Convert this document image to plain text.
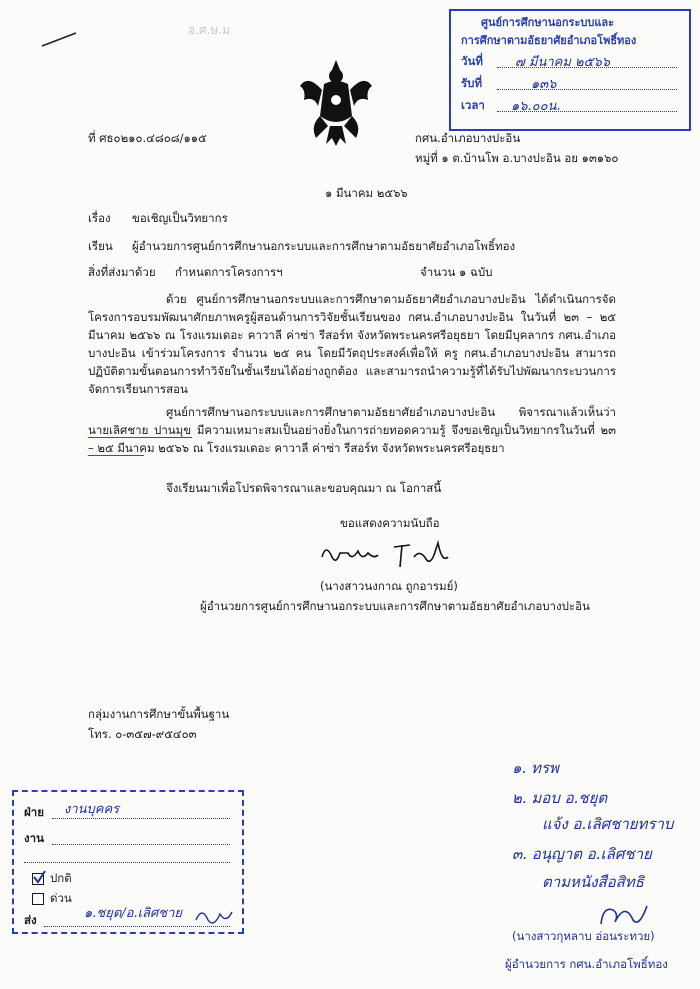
อ.ศ.ษ.ม
ศูนย์การศึกษานอกระบบและ
การศึกษาตามอัธยาศัยอำเภอโพธิ์ทอง
วันที่ ๗ มีนาคม ๒๕๖๖
รับที่	๑๓๖
เวลา ๑๖.๐๐น.
ที่ ศธ๐๒๑๐.๔๘๐๘/๑๑๕	กศน.อำเภอบางปะอิน
หมู่ที่ ๑ ต.บ้านโพ อ.บางปะอิน อย ๑๓๑๖๐
๑ มีนาคม ๒๕๖๖
เรื่อง ขอเชิญเป็นวิทยากร
เรียน ผู้อำนวยการศูนย์การศึกษานอกระบบและการศึกษาตามอัธยาศัยอำเภอโพธิ์ทอง
สิ่งที่ส่งมาด้วย กำหนดการโครงการฯ	จำนวน ๑ ฉบับ
ด้วย ศูนย์การศึกษานอกระบบและการศึกษาตามอัธยาศัยอำเภอบางปะอิน ได้ดำเนินการจัดโครงการอบรมพัฒนาศักยภาพครูผู้สอนด้านการวิจัยชั้นเรียนของ กศน.อำเภอบางปะอิน ในวันที่ ๒๓ – ๒๕ มีนาคม ๒๕๖๖ ณ โรงแรมเดอะ คาวาลี ค่าซ่า รีสอร์ท จังหวัดพระนครศรีอยุธยา โดยมีบุคลากร กศน.อำเภอบางปะอิน เข้าร่วมโครงการ จำนวน ๒๕ คน โดยมีวัตถุประสงค์เพื่อให้ ครู กศน.อำเภอบางปะอิน สามารถปฏิบัติตามขั้นตอนการทำวิจัยในชั้นเรียนได้อย่างถูกต้อง และสามารถนำความรู้ที่ได้รับไปพัฒนากระบวนการจัดการเรียนการสอน
ศูนย์การศึกษานอกระบบและการศึกษาตามอัธยาศัยอำเภอบางปะอิน พิจารณาแล้วเห็นว่า นายเลิศชาย ปานมุข มีความเหมาะสมเป็นอย่างยิ่งในการถ่ายทอดความรู้ จึงขอเชิญเป็นวิทยากรในวันที่ ๒๓ – ๒๕ มีนาคม ๒๕๖๖ ณ โรงแรมเดอะ คาวาลี ค่าซ่า รีสอร์ท จังหวัดพระนครศรีอยุธยา
จึงเรียนมาเพื่อโปรดพิจารณาและขอบคุณมา ณ โอกาสนี้
ขอแสดงความนับถือ
(นางสาวนงกาณ ถูกอารมย์)
ผู้อำนวยการศูนย์การศึกษานอกระบบและการศึกษาตามอัธยาศัยอำเภอบางปะอิน
กลุ่มงานการศึกษาขั้นพื้นฐาน
โทร. ๐-๓๕๗-๙๕๔๐๓
ฝ่าย งานบุคคร
งาน
ปกติ
ด่วน
ส่ง	๑.ชยุต/อ.เลิศชาย
๑. ทรพ
๒. มอบ อ.ชยุต
แจ้ง อ.เลิศชายทราบ
๓. อนุญาต อ.เลิศชาย
ตามหนังสือสิทธิ
(นางสาวกุหลาบ อ่อนระทวย)
ผู้อำนวยการ กศน.อำเภอโพธิ์ทอง
